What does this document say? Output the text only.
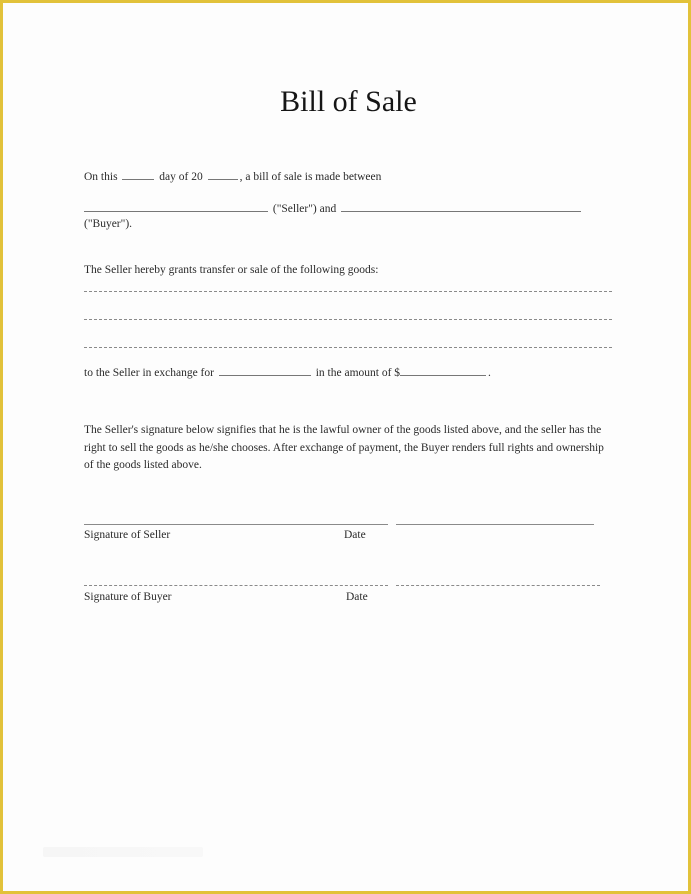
Bill of Sale
On this	day of 20	, a bill of sale is made between
("Seller") and
("Buyer").
The Seller hereby grants transfer or sale of the following goods:
to the Seller in exchange for	in the amount of $	.
The Seller's signature below signifies that he is the lawful owner of the goods listed above, and the seller has the right to sell the goods as he/she chooses. After exchange of payment, the Buyer renders full rights and ownership of the goods listed above.
Signature of Seller	Date
Signature of Buyer	Date
